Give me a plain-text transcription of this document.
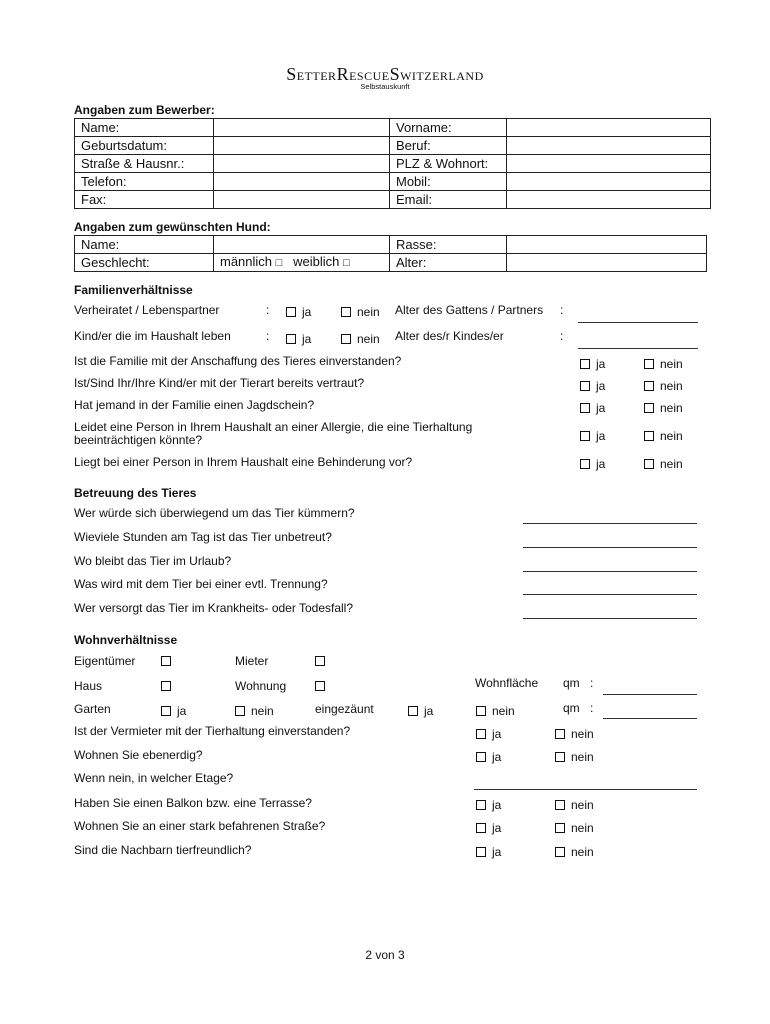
SETTERRESCUESWITZERLAND
Selbstauskunft
Angaben zum Bewerber:
Name:		Vorname:	
Geburtsdatum:		Beruf:	
Straße & Hausnr.:		PLZ & Wohnort:	
Telefon:		Mobil:	
Fax:		Email:	
Angaben zum gewünschten Hund:
Name:		Rasse:	
Geschlecht:	männlich □ weiblich □	Alter:	
Familienverhältnisse
Verheiratet / Lebenspartner	:	ja	nein Alter des Gattens / Partners :
Kind/er die im Haushalt leben	:	ja	nein Alter des/r Kindes/er	:
Ist die Familie mit der Anschaffung des Tieres einverstanden?	ja	nein
Ist/Sind Ihr/Ihre Kind/er mit der Tierart bereits vertraut?	ja	nein
Hat jemand in der Familie einen Jagdschein?	ja	nein
Leidet eine Person in Ihrem Haushalt an einer Allergie, die eine Tierhaltung
beeinträchtigen könnte?	ja	nein
Liegt bei einer Person in Ihrem Haushalt eine Behinderung vor?	ja	nein
Betreuung des Tieres
Wer würde sich überwiegend um das Tier kümmern?
Wieviele Stunden am Tag ist das Tier unbetreut?
Wo bleibt das Tier im Urlaub?
Was wird mit dem Tier bei einer evtl. Trennung?
Wer versorgt das Tier im Krankheits- oder Todesfall?
Wohnverhältnisse
Eigentümer	Mieter
Haus	Wohnung	Wohnfläche qm :
Garten	ja	nein	eingezäunt	ja	nein	qm :
Ist der Vermieter mit der Tierhaltung einverstanden?	ja	nein
Wohnen Sie ebenerdig?	ja	nein
Wenn nein, in welcher Etage?
Haben Sie einen Balkon bzw. eine Terrasse?	ja	nein
Wohnen Sie an einer stark befahrenen Straße?	ja	nein
Sind die Nachbarn tierfreundlich?	ja	nein
2 von 3
